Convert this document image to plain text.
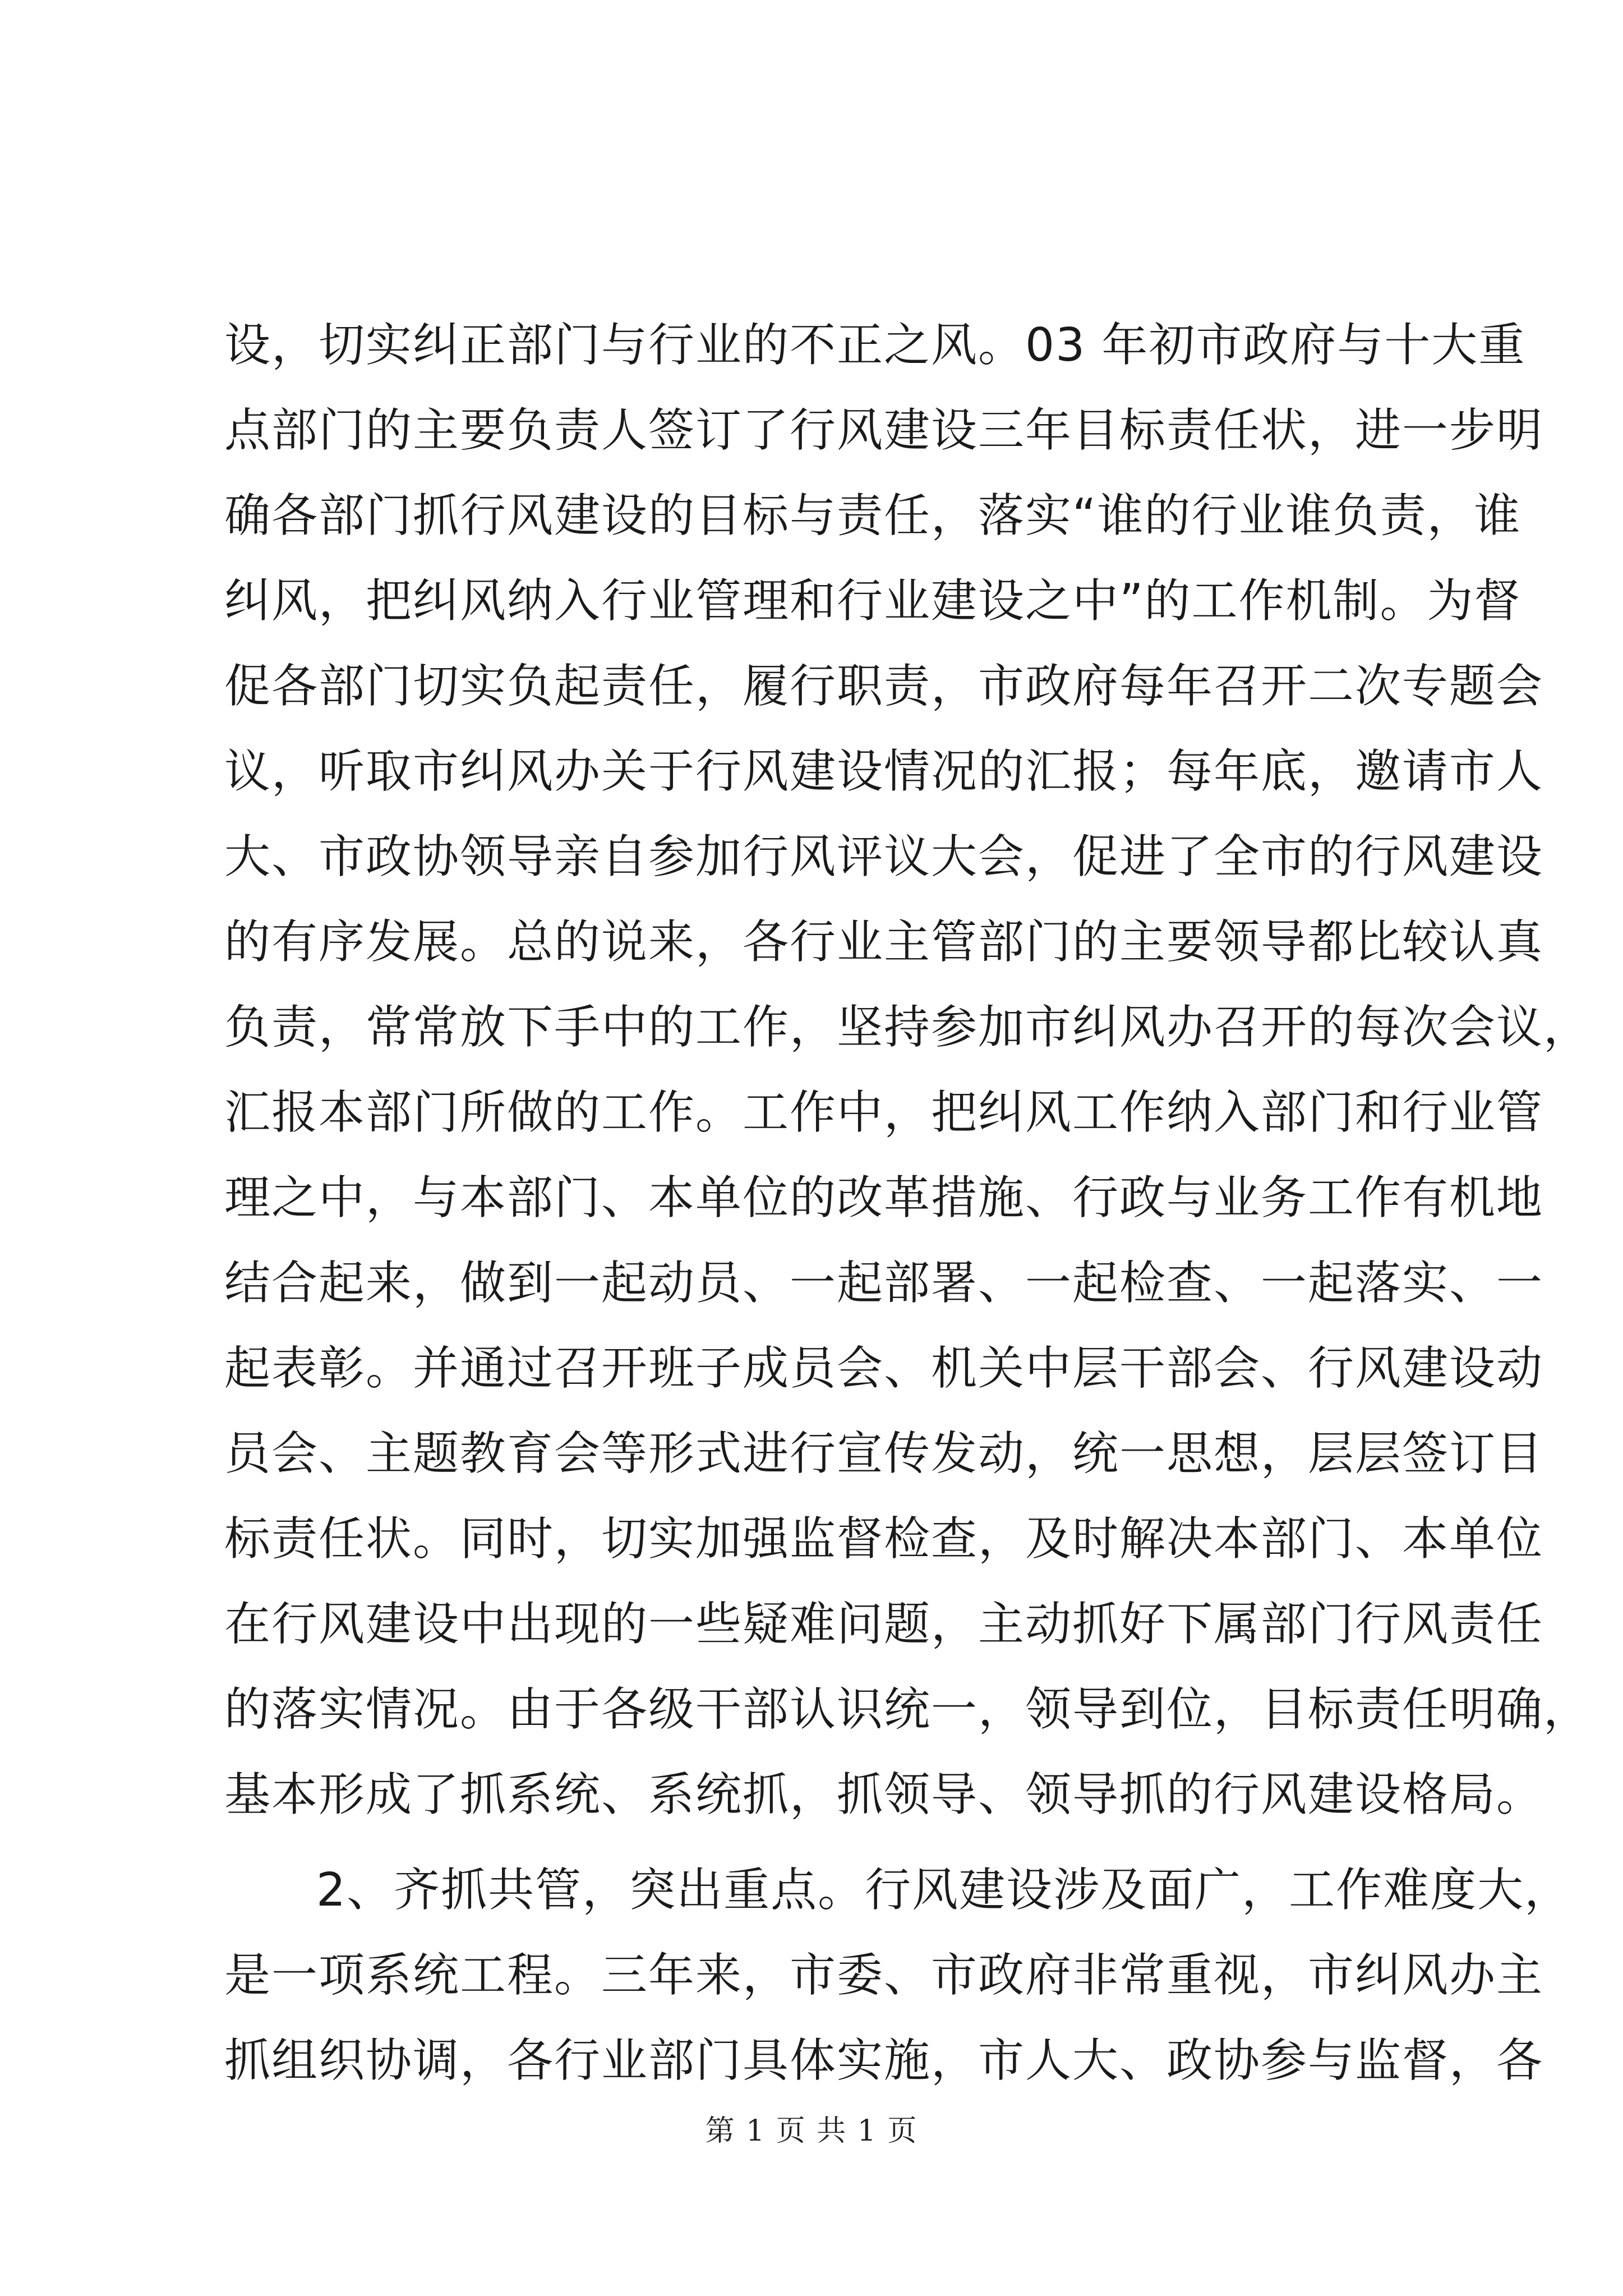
设，切实纠正部门与行业的不正之风。03 年初市政府与十大重

点部门的主要负责人签订了行风建设三年目标责任状，进一步明

确各部门抓行风建设的目标与责任，落实“谁的行业谁负责，谁

纠风，把纠风纳入行业管理和行业建设之中”的工作机制。为督

促各部门切实负起责任，履行职责，市政府每年召开二次专题会

议，听取市纠风办关于行风建设情况的汇报；每年底，邀请市人

大、市政协领导亲自参加行风评议大会，促进了全市的行风建设

的有序发展。总的说来，各行业主管部门的主要领导都比较认真

负责，常常放下手中的工作，坚持参加市纠风办召开的每次会议，

汇报本部门所做的工作。工作中，把纠风工作纳入部门和行业管

理之中，与本部门、本单位的改革措施、行政与业务工作有机地

结合起来，做到一起动员、一起部署、一起检查、一起落实、一

起表彰。并通过召开班子成员会、机关中层干部会、行风建设动

员会、主题教育会等形式进行宣传发动，统一思想，层层签订目

标责任状。同时，切实加强监督检查，及时解决本部门、本单位

在行风建设中出现的一些疑难问题，主动抓好下属部门行风责任

的落实情况。由于各级干部认识统一，领导到位，目标责任明确，

基本形成了抓系统、系统抓，抓领导、领导抓的行风建设格局。

2、齐抓共管，突出重点。行风建设涉及面广，工作难度大，

是一项系统工程。三年来，市委、市政府非常重视，市纠风办主

抓组织协调，各行业部门具体实施，市人大、政协参与监督，各

第 1 页 共 1 页
